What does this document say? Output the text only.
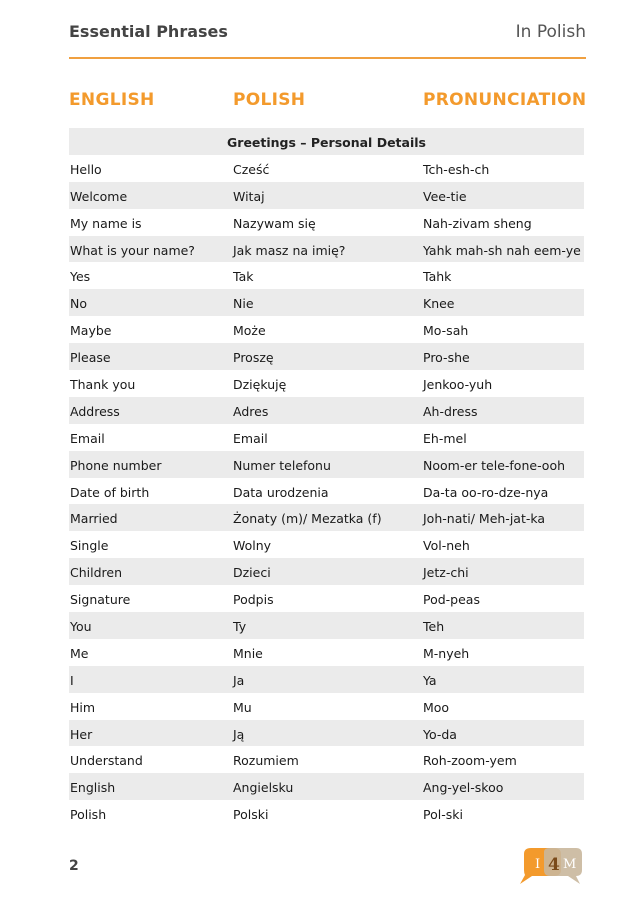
Essential Phrases	In Polish
ENGLISH	POLISH	PRONUNCIATION
Greetings – Personal Details
Hello	Cześć	Tch-esh-ch
Welcome	Witaj	Vee-tie
My name is	Nazywam się	Nah-zivam sheng
What is your name?	Jak masz na imię?	Yahk mah-sh nah eem-ye
Yes	Tak	Tahk
No	Nie	Knee
Maybe	Może	Mo-sah
Please	Proszę	Pro-she
Thank you	Dziękuję	Jenkoo-yuh
Address	Adres	Ah-dress
Email	Email	Eh-mel
Phone number	Numer telefonu	Noom-er tele-fone-ooh
Date of birth	Data urodzenia	Da-ta oo-ro-dze-nya
Married	Żonaty (m)/ Mezatka (f)	Joh-nati/ Meh-jat-ka
Single	Wolny	Vol-neh
Children	Dzieci	Jetz-chi
Signature	Podpis	Pod-peas
You	Ty	Teh
Me	Mnie	M-nyeh
I	Ja	Ya
Him	Mu	Moo
Her	Ją	Yo-da
Understand	Rozumiem	Roh-zoom-yem
English	Angielsku	Ang-yel-skoo
Polish	Polski	Pol-ski
2	I 4 M
